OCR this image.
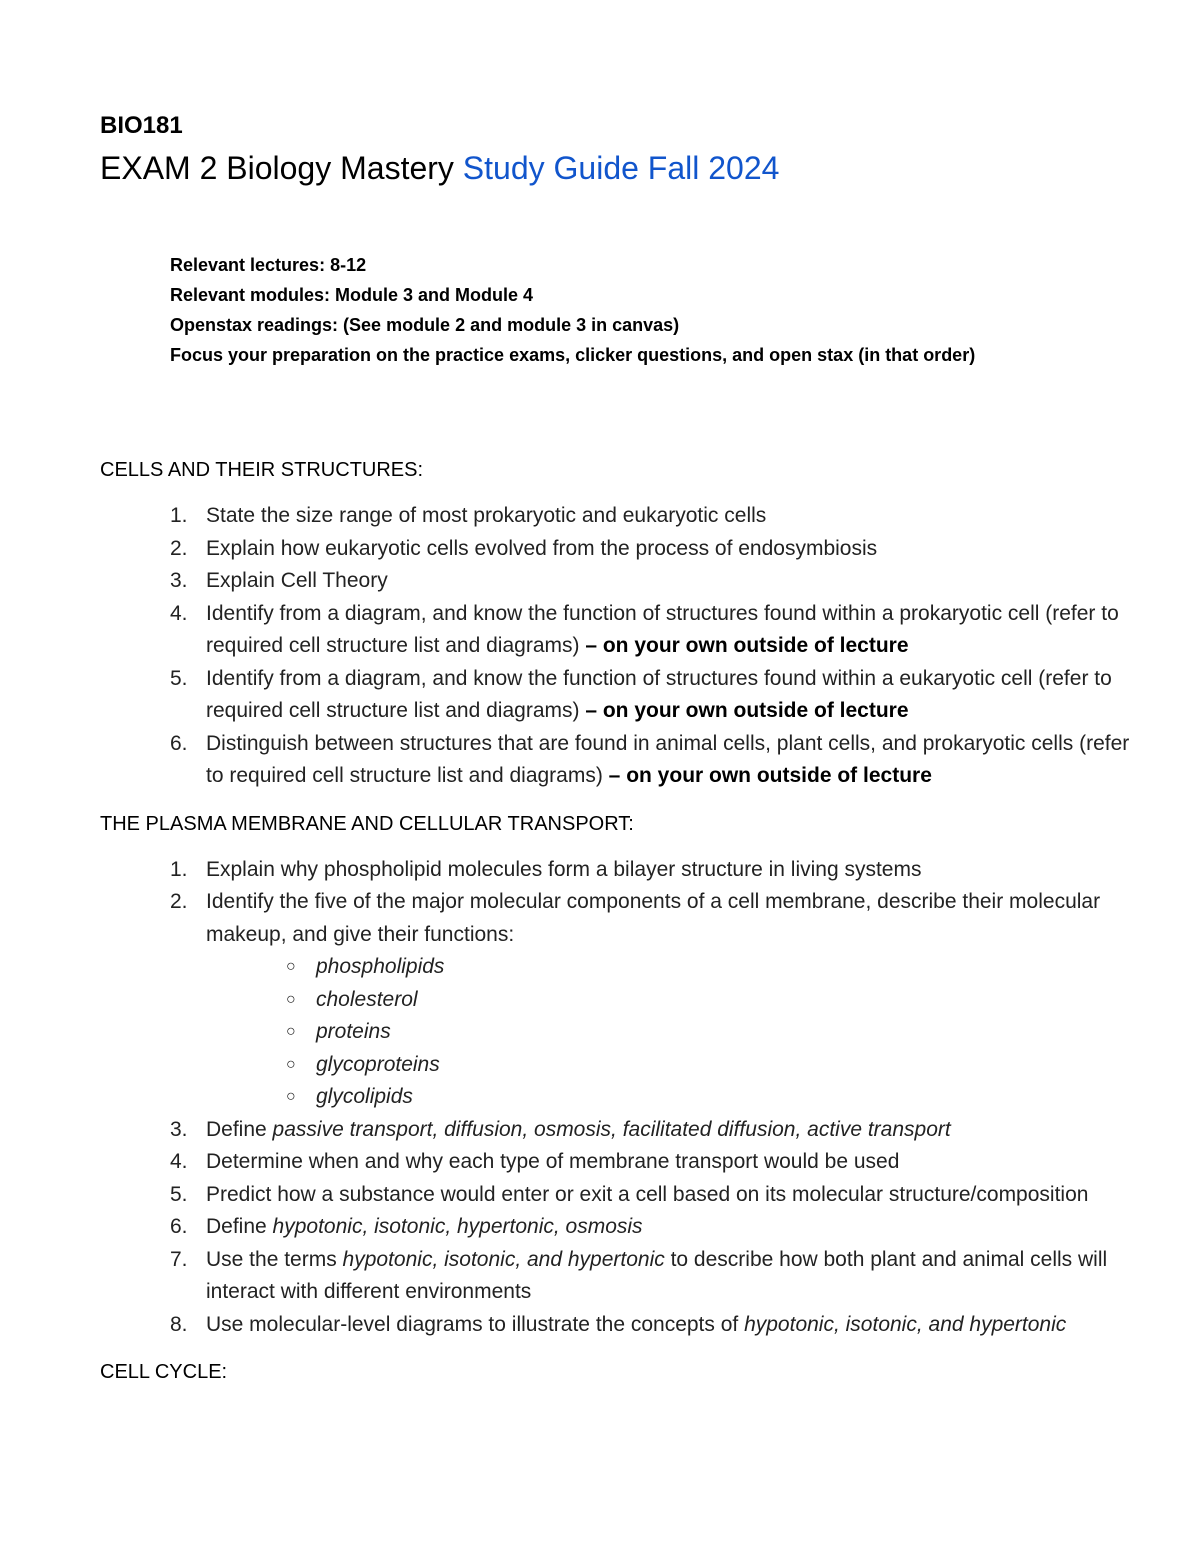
BIO181

EXAM 2 Biology Mastery Study Guide Fall 2024

Relevant lectures: 8-12
Relevant modules: Module 3 and Module 4
Openstax readings: (See module 2 and module 3 in canvas)
Focus your preparation on the practice exams, clicker questions, and open stax (in that order)

CELLS AND THEIR STRUCTURES:

1. State the size range of most prokaryotic and eukaryotic cells
2. Explain how eukaryotic cells evolved from the process of endosymbiosis
3. Explain Cell Theory
4. Identify from a diagram, and know the function of structures found within a prokaryotic cell (refer to required cell structure list and diagrams) – on your own outside of lecture
5. Identify from a diagram, and know the function of structures found within a eukaryotic cell (refer to required cell structure list and diagrams) – on your own outside of lecture
6. Distinguish between structures that are found in animal cells, plant cells, and prokaryotic cells (refer to required cell structure list and diagrams) – on your own outside of lecture

THE PLASMA MEMBRANE AND CELLULAR TRANSPORT:

1. Explain why phospholipid molecules form a bilayer structure in living systems
2. Identify the five of the major molecular components of a cell membrane, describe their molecular makeup, and give their functions:
○ phospholipids
○ cholesterol
○ proteins
○ glycoproteins
○ glycolipids
3. Define passive transport, diffusion, osmosis, facilitated diffusion, active transport
4. Determine when and why each type of membrane transport would be used
5. Predict how a substance would enter or exit a cell based on its molecular structure/composition
6. Define hypotonic, isotonic, hypertonic, osmosis
7. Use the terms hypotonic, isotonic, and hypertonic to describe how both plant and animal cells will interact with different environments
8. Use molecular-level diagrams to illustrate the concepts of hypotonic, isotonic, and hypertonic

CELL CYCLE:
